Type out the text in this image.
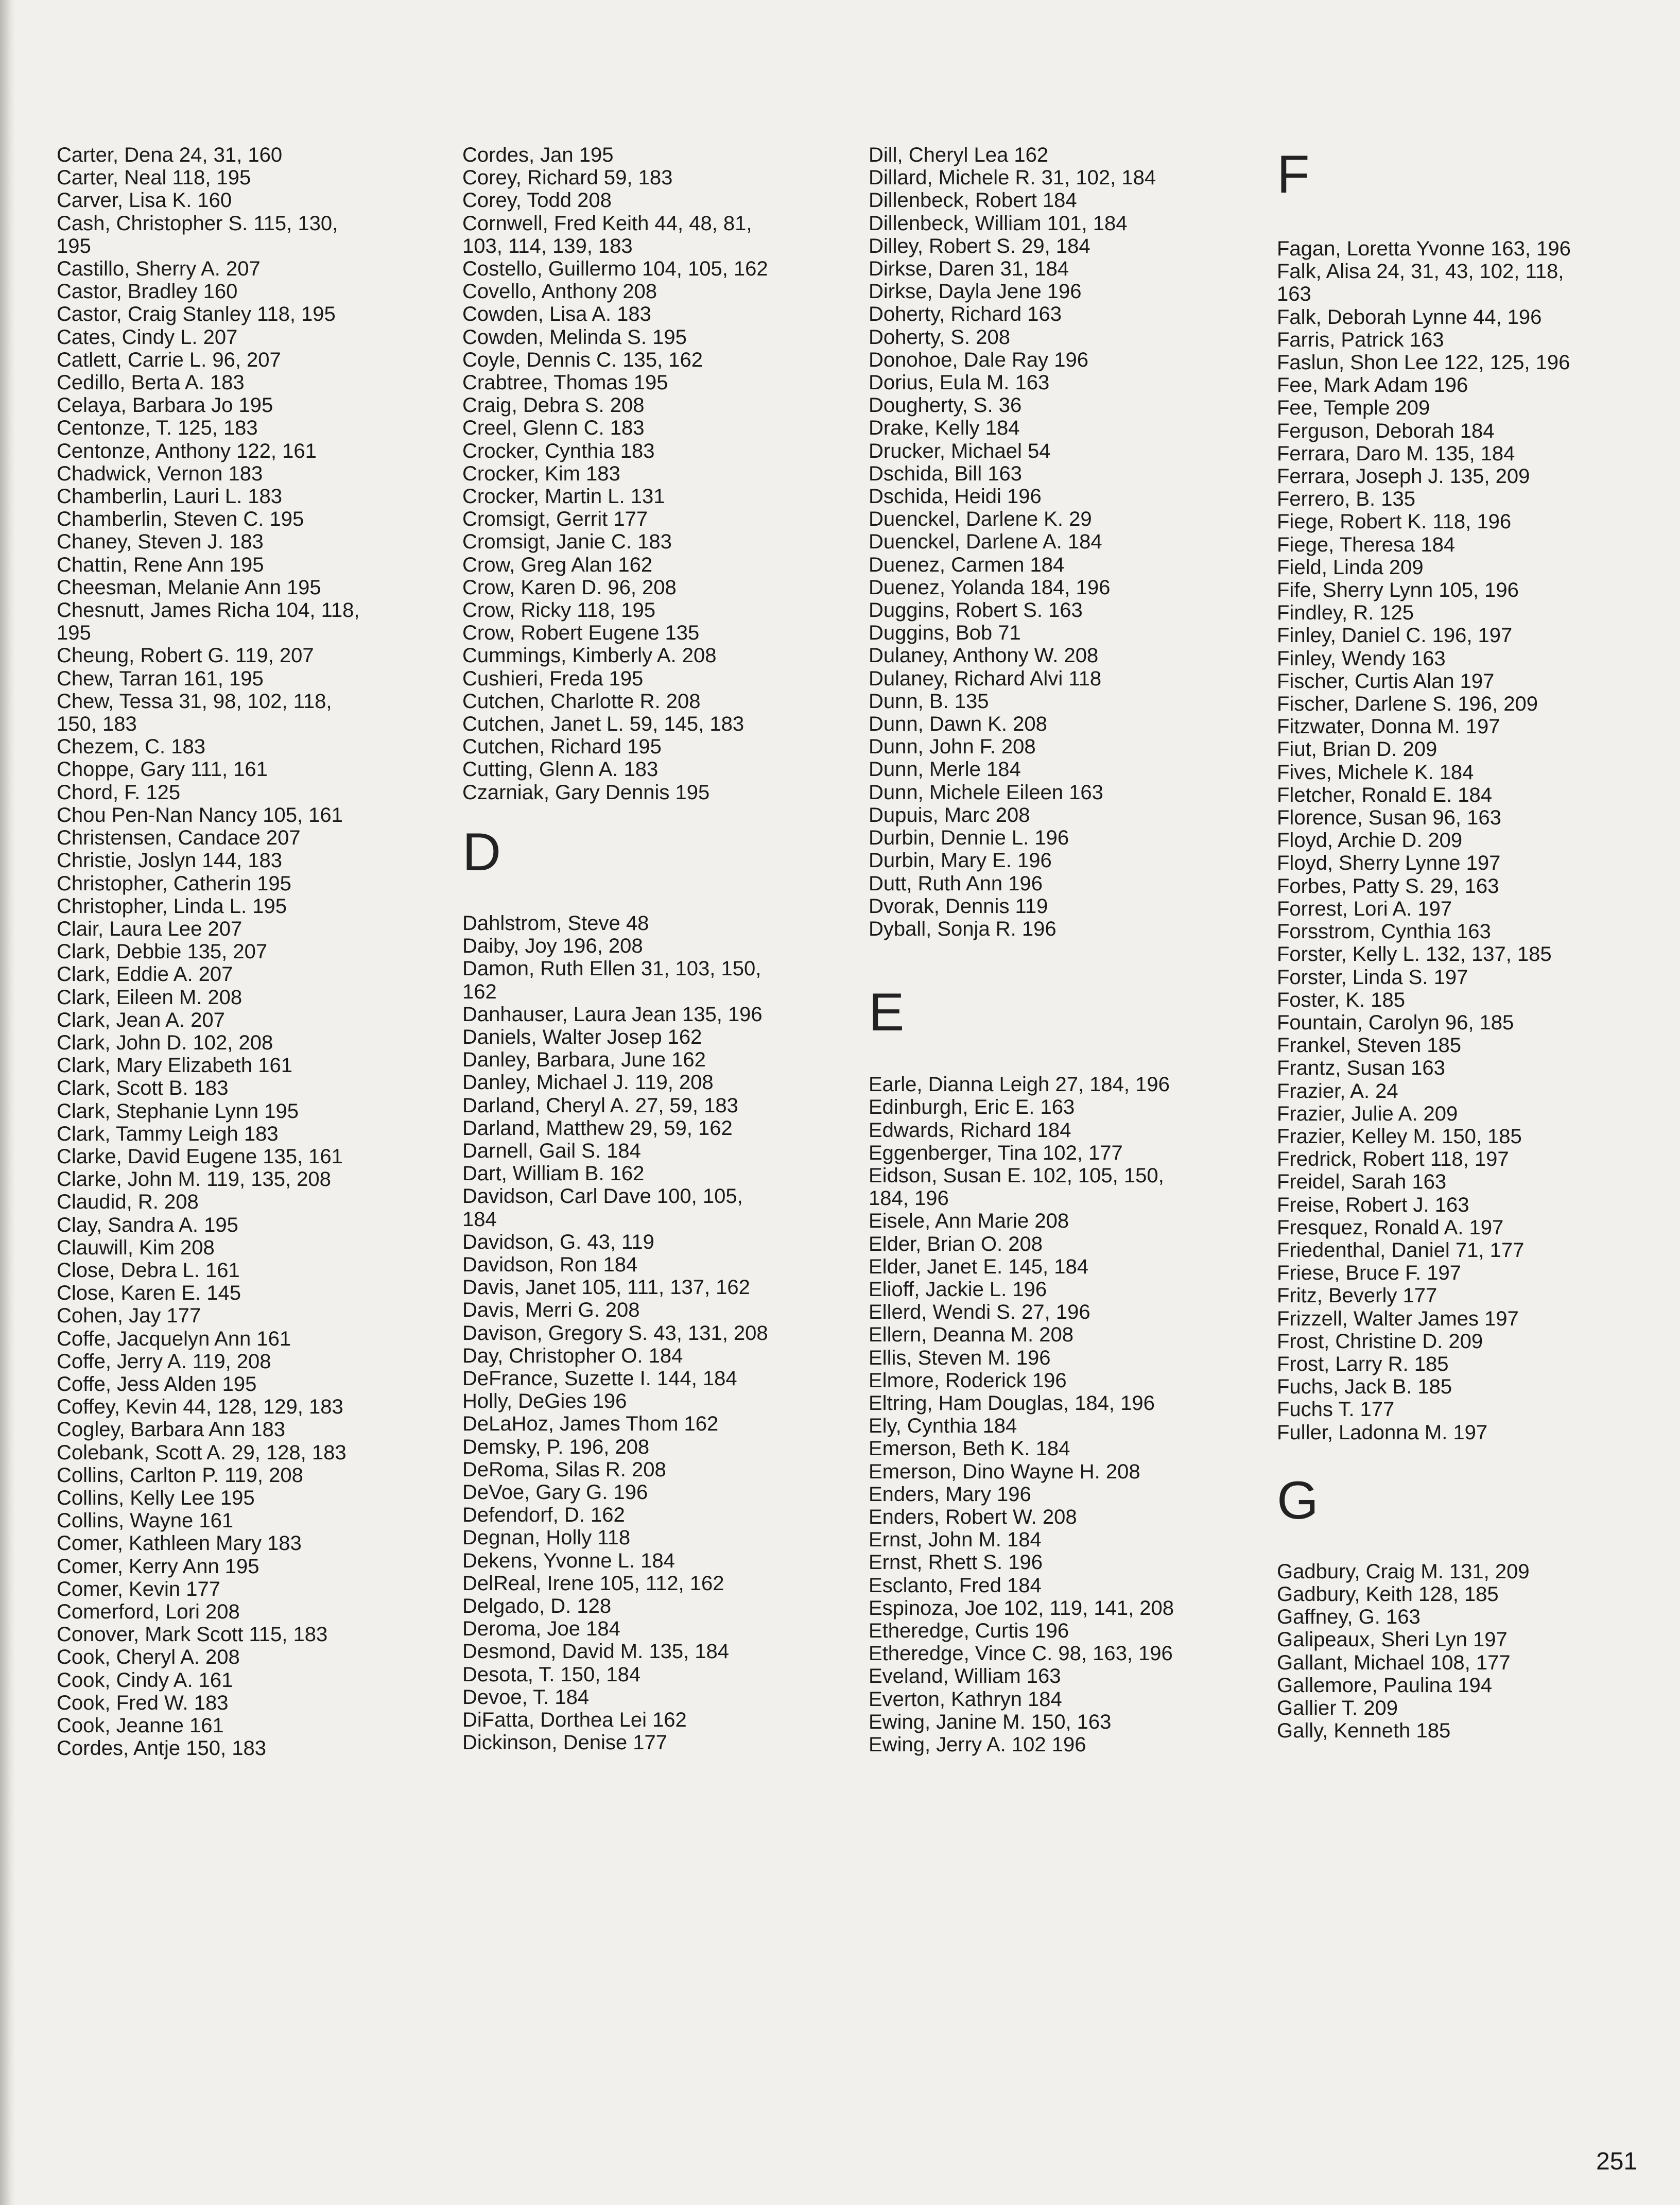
Carter, Dena 24, 31, 160
Carter, Neal 118, 195
Carver, Lisa K. 160
Cash, Christopher S. 115, 130,
195
Castillo, Sherry A. 207
Castor, Bradley 160
Castor, Craig Stanley 118, 195
Cates, Cindy L. 207
Catlett, Carrie L. 96, 207
Cedillo, Berta A. 183
Celaya, Barbara Jo 195
Centonze, T. 125, 183
Centonze, Anthony 122, 161
Chadwick, Vernon 183
Chamberlin, Lauri L. 183
Chamberlin, Steven C. 195
Chaney, Steven J. 183
Chattin, Rene Ann 195
Cheesman, Melanie Ann 195
Chesnutt, James Richa 104, 118,
195
Cheung, Robert G. 119, 207
Chew, Tarran 161, 195
Chew, Tessa 31, 98, 102, 118,
150, 183
Chezem, C. 183
Choppe, Gary 111, 161
Chord, F. 125
Chou Pen-Nan Nancy 105, 161
Christensen, Candace 207
Christie, Joslyn 144, 183
Christopher, Catherin 195
Christopher, Linda L. 195
Clair, Laura Lee 207
Clark, Debbie 135, 207
Clark, Eddie A. 207
Clark, Eileen M. 208
Clark, Jean A. 207
Clark, John D. 102, 208
Clark, Mary Elizabeth 161
Clark, Scott B. 183
Clark, Stephanie Lynn 195
Clark, Tammy Leigh 183
Clarke, David Eugene 135, 161
Clarke, John M. 119, 135, 208
Claudid, R. 208
Clay, Sandra A. 195
Clauwill, Kim 208
Close, Debra L. 161
Close, Karen E. 145
Cohen, Jay 177
Coffe, Jacquelyn Ann 161
Coffe, Jerry A. 119, 208
Coffe, Jess Alden 195
Coffey, Kevin 44, 128, 129, 183
Cogley, Barbara Ann 183
Colebank, Scott A. 29, 128, 183
Collins, Carlton P. 119, 208
Collins, Kelly Lee 195
Collins, Wayne 161
Comer, Kathleen Mary 183
Comer, Kerry Ann 195
Comer, Kevin 177
Comerford, Lori 208
Conover, Mark Scott 115, 183
Cook, Cheryl A. 208
Cook, Cindy A. 161
Cook, Fred W. 183
Cook, Jeanne 161
Cordes, Antje 150, 183
Cordes, Jan 195
Corey, Richard 59, 183
Corey, Todd 208
Cornwell, Fred Keith 44, 48, 81,
103, 114, 139, 183
Costello, Guillermo 104, 105, 162
Covello, Anthony 208
Cowden, Lisa A. 183
Cowden, Melinda S. 195
Coyle, Dennis C. 135, 162
Crabtree, Thomas 195
Craig, Debra S. 208
Creel, Glenn C. 183
Crocker, Cynthia 183
Crocker, Kim 183
Crocker, Martin L. 131
Cromsigt, Gerrit 177
Cromsigt, Janie C. 183
Crow, Greg Alan 162
Crow, Karen D. 96, 208
Crow, Ricky 118, 195
Crow, Robert Eugene 135
Cummings, Kimberly A. 208
Cushieri, Freda 195
Cutchen, Charlotte R. 208
Cutchen, Janet L. 59, 145, 183
Cutchen, Richard 195
Cutting, Glenn A. 183
Czarniak, Gary Dennis 195
D
Dahlstrom, Steve 48
Daiby, Joy 196, 208
Damon, Ruth Ellen 31, 103, 150,
162
Danhauser, Laura Jean 135, 196
Daniels, Walter Josep 162
Danley, Barbara, June 162
Danley, Michael J. 119, 208
Darland, Cheryl A. 27, 59, 183
Darland, Matthew 29, 59, 162
Darnell, Gail S. 184
Dart, William B. 162
Davidson, Carl Dave 100, 105,
184
Davidson, G. 43, 119
Davidson, Ron 184
Davis, Janet 105, 111, 137, 162
Davis, Merri G. 208
Davison, Gregory S. 43, 131, 208
Day, Christopher O. 184
DeFrance, Suzette I. 144, 184
Holly, DeGies 196
DeLaHoz, James Thom 162
Demsky, P. 196, 208
DeRoma, Silas R. 208
DeVoe, Gary G. 196
Defendorf, D. 162
Degnan, Holly 118
Dekens, Yvonne L. 184
DelReal, Irene 105, 112, 162
Delgado, D. 128
Deroma, Joe 184
Desmond, David M. 135, 184
Desota, T. 150, 184
Devoe, T. 184
DiFatta, Dorthea Lei 162
Dickinson, Denise 177
Dill, Cheryl Lea 162
Dillard, Michele R. 31, 102, 184
Dillenbeck, Robert 184
Dillenbeck, William 101, 184
Dilley, Robert S. 29, 184
Dirkse, Daren 31, 184
Dirkse, Dayla Jene 196
Doherty, Richard 163
Doherty, S. 208
Donohoe, Dale Ray 196
Dorius, Eula M. 163
Dougherty, S. 36
Drake, Kelly 184
Drucker, Michael 54
Dschida, Bill 163
Dschida, Heidi 196
Duenckel, Darlene K. 29
Duenckel, Darlene A. 184
Duenez, Carmen 184
Duenez, Yolanda 184, 196
Duggins, Robert S. 163
Duggins, Bob 71
Dulaney, Anthony W. 208
Dulaney, Richard Alvi 118
Dunn, B. 135
Dunn, Dawn K. 208
Dunn, John F. 208
Dunn, Merle 184
Dunn, Michele Eileen 163
Dupuis, Marc 208
Durbin, Dennie L. 196
Durbin, Mary E. 196
Dutt, Ruth Ann 196
Dvorak, Dennis 119
Dyball, Sonja R. 196
E
Earle, Dianna Leigh 27, 184, 196
Edinburgh, Eric E. 163
Edwards, Richard 184
Eggenberger, Tina 102, 177
Eidson, Susan E. 102, 105, 150,
184, 196
Eisele, Ann Marie 208
Elder, Brian O. 208
Elder, Janet E. 145, 184
Elioff, Jackie L. 196
Ellerd, Wendi S. 27, 196
Ellern, Deanna M. 208
Ellis, Steven M. 196
Elmore, Roderick 196
Eltring, Ham Douglas, 184, 196
Ely, Cynthia 184
Emerson, Beth K. 184
Emerson, Dino Wayne H. 208
Enders, Mary 196
Enders, Robert W. 208
Ernst, John M. 184
Ernst, Rhett S. 196
Esclanto, Fred 184
Espinoza, Joe 102, 119, 141, 208
Etheredge, Curtis 196
Etheredge, Vince C. 98, 163, 196
Eveland, William 163
Everton, Kathryn 184
Ewing, Janine M. 150, 163
Ewing, Jerry A. 102 196
F
Fagan, Loretta Yvonne 163, 196
Falk, Alisa 24, 31, 43, 102, 118,
163
Falk, Deborah Lynne 44, 196
Farris, Patrick 163
Faslun, Shon Lee 122, 125, 196
Fee, Mark Adam 196
Fee, Temple 209
Ferguson, Deborah 184
Ferrara, Daro M. 135, 184
Ferrara, Joseph J. 135, 209
Ferrero, B. 135
Fiege, Robert K. 118, 196
Fiege, Theresa 184
Field, Linda 209
Fife, Sherry Lynn 105, 196
Findley, R. 125
Finley, Daniel C. 196, 197
Finley, Wendy 163
Fischer, Curtis Alan 197
Fischer, Darlene S. 196, 209
Fitzwater, Donna M. 197
Fiut, Brian D. 209
Fives, Michele K. 184
Fletcher, Ronald E. 184
Florence, Susan 96, 163
Floyd, Archie D. 209
Floyd, Sherry Lynne 197
Forbes, Patty S. 29, 163
Forrest, Lori A. 197
Forsstrom, Cynthia 163
Forster, Kelly L. 132, 137, 185
Forster, Linda S. 197
Foster, K. 185
Fountain, Carolyn 96, 185
Frankel, Steven 185
Frantz, Susan 163
Frazier, A. 24
Frazier, Julie A. 209
Frazier, Kelley M. 150, 185
Fredrick, Robert 118, 197
Freidel, Sarah 163
Freise, Robert J. 163
Fresquez, Ronald A. 197
Friedenthal, Daniel 71, 177
Friese, Bruce F. 197
Fritz, Beverly 177
Frizzell, Walter James 197
Frost, Christine D. 209
Frost, Larry R. 185
Fuchs, Jack B. 185
Fuchs T. 177
Fuller, Ladonna M. 197
G
Gadbury, Craig M. 131, 209
Gadbury, Keith 128, 185
Gaffney, G. 163
Galipeaux, Sheri Lyn 197
Gallant, Michael 108, 177
Gallemore, Paulina 194
Gallier T. 209
Gally, Kenneth 185
251
